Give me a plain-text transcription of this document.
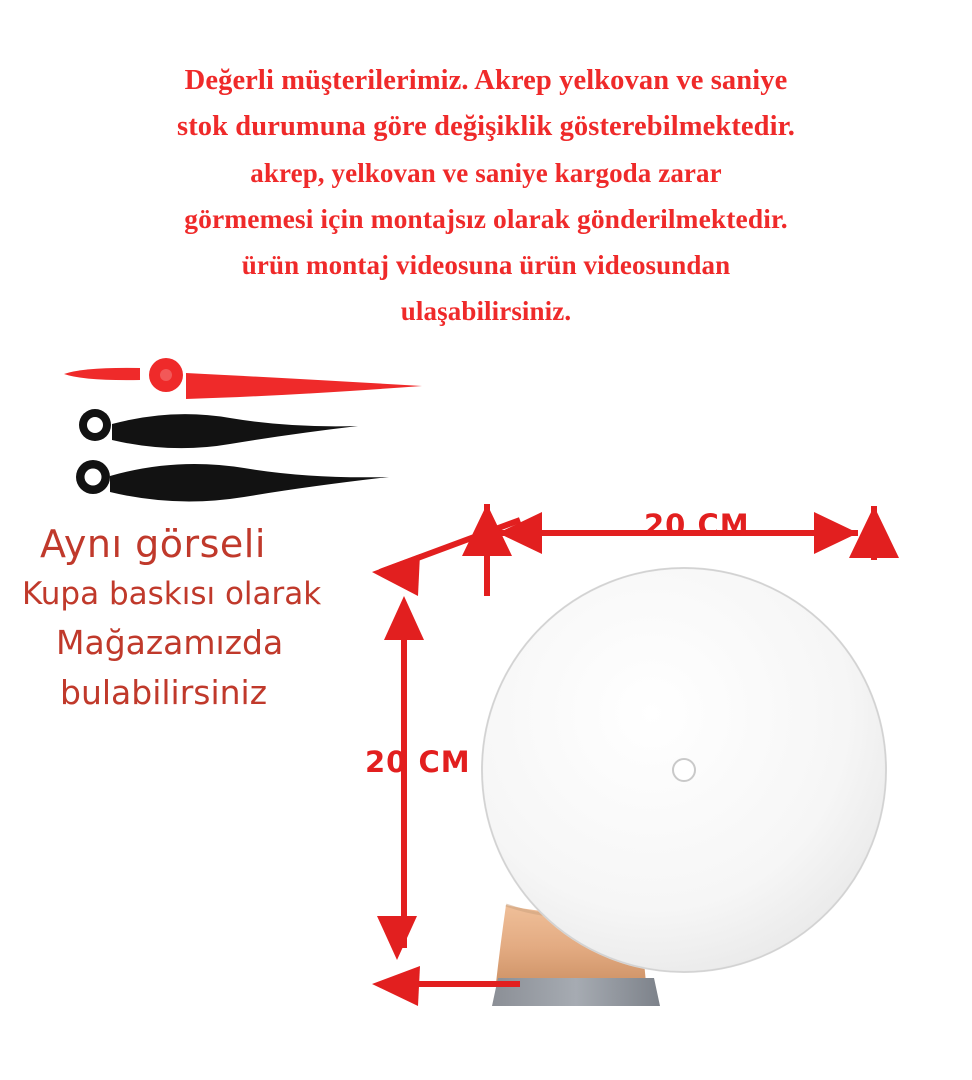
Değerli müşterilerimiz. Akrep yelkovan ve saniye
stok durumuna göre değişiklik gösterebilmektedir.
akrep, yelkovan ve saniye kargoda zarar
görmemesi için montajsız olarak gönderilmektedir.
ürün montaj videosuna ürün videosundan
ulaşabilirsiniz.
20 CM
20 CM
Aynı görseli
Kupa baskısı olarak
Mağazamızda
bulabilirsiniz
